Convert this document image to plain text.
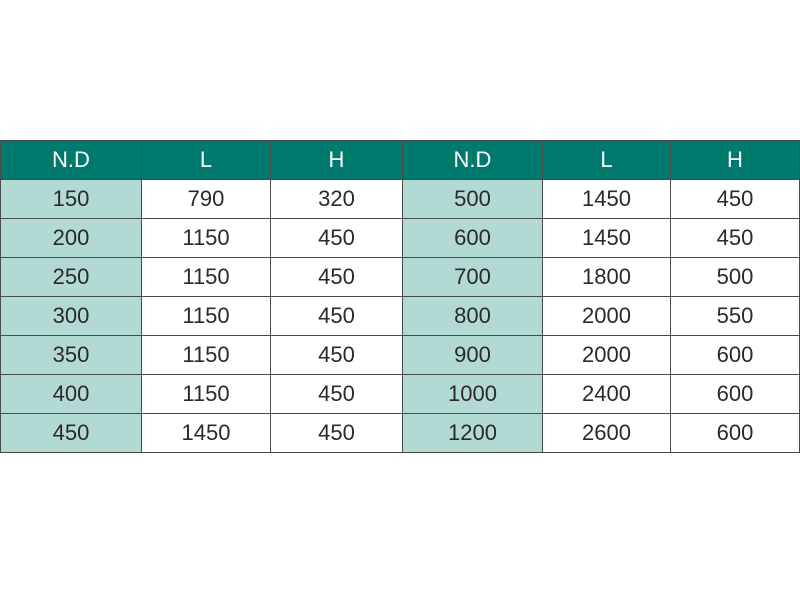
N.D	L	H	N.D	L	H
150	790	320	500	1450	450
200	1150	450	600	1450	450
250	1150	450	700	1800	500
300	1150	450	800	2000	550
350	1150	450	900	2000	600
400	1150	450	1000	2400	600
450	1450	450	1200	2600	600
